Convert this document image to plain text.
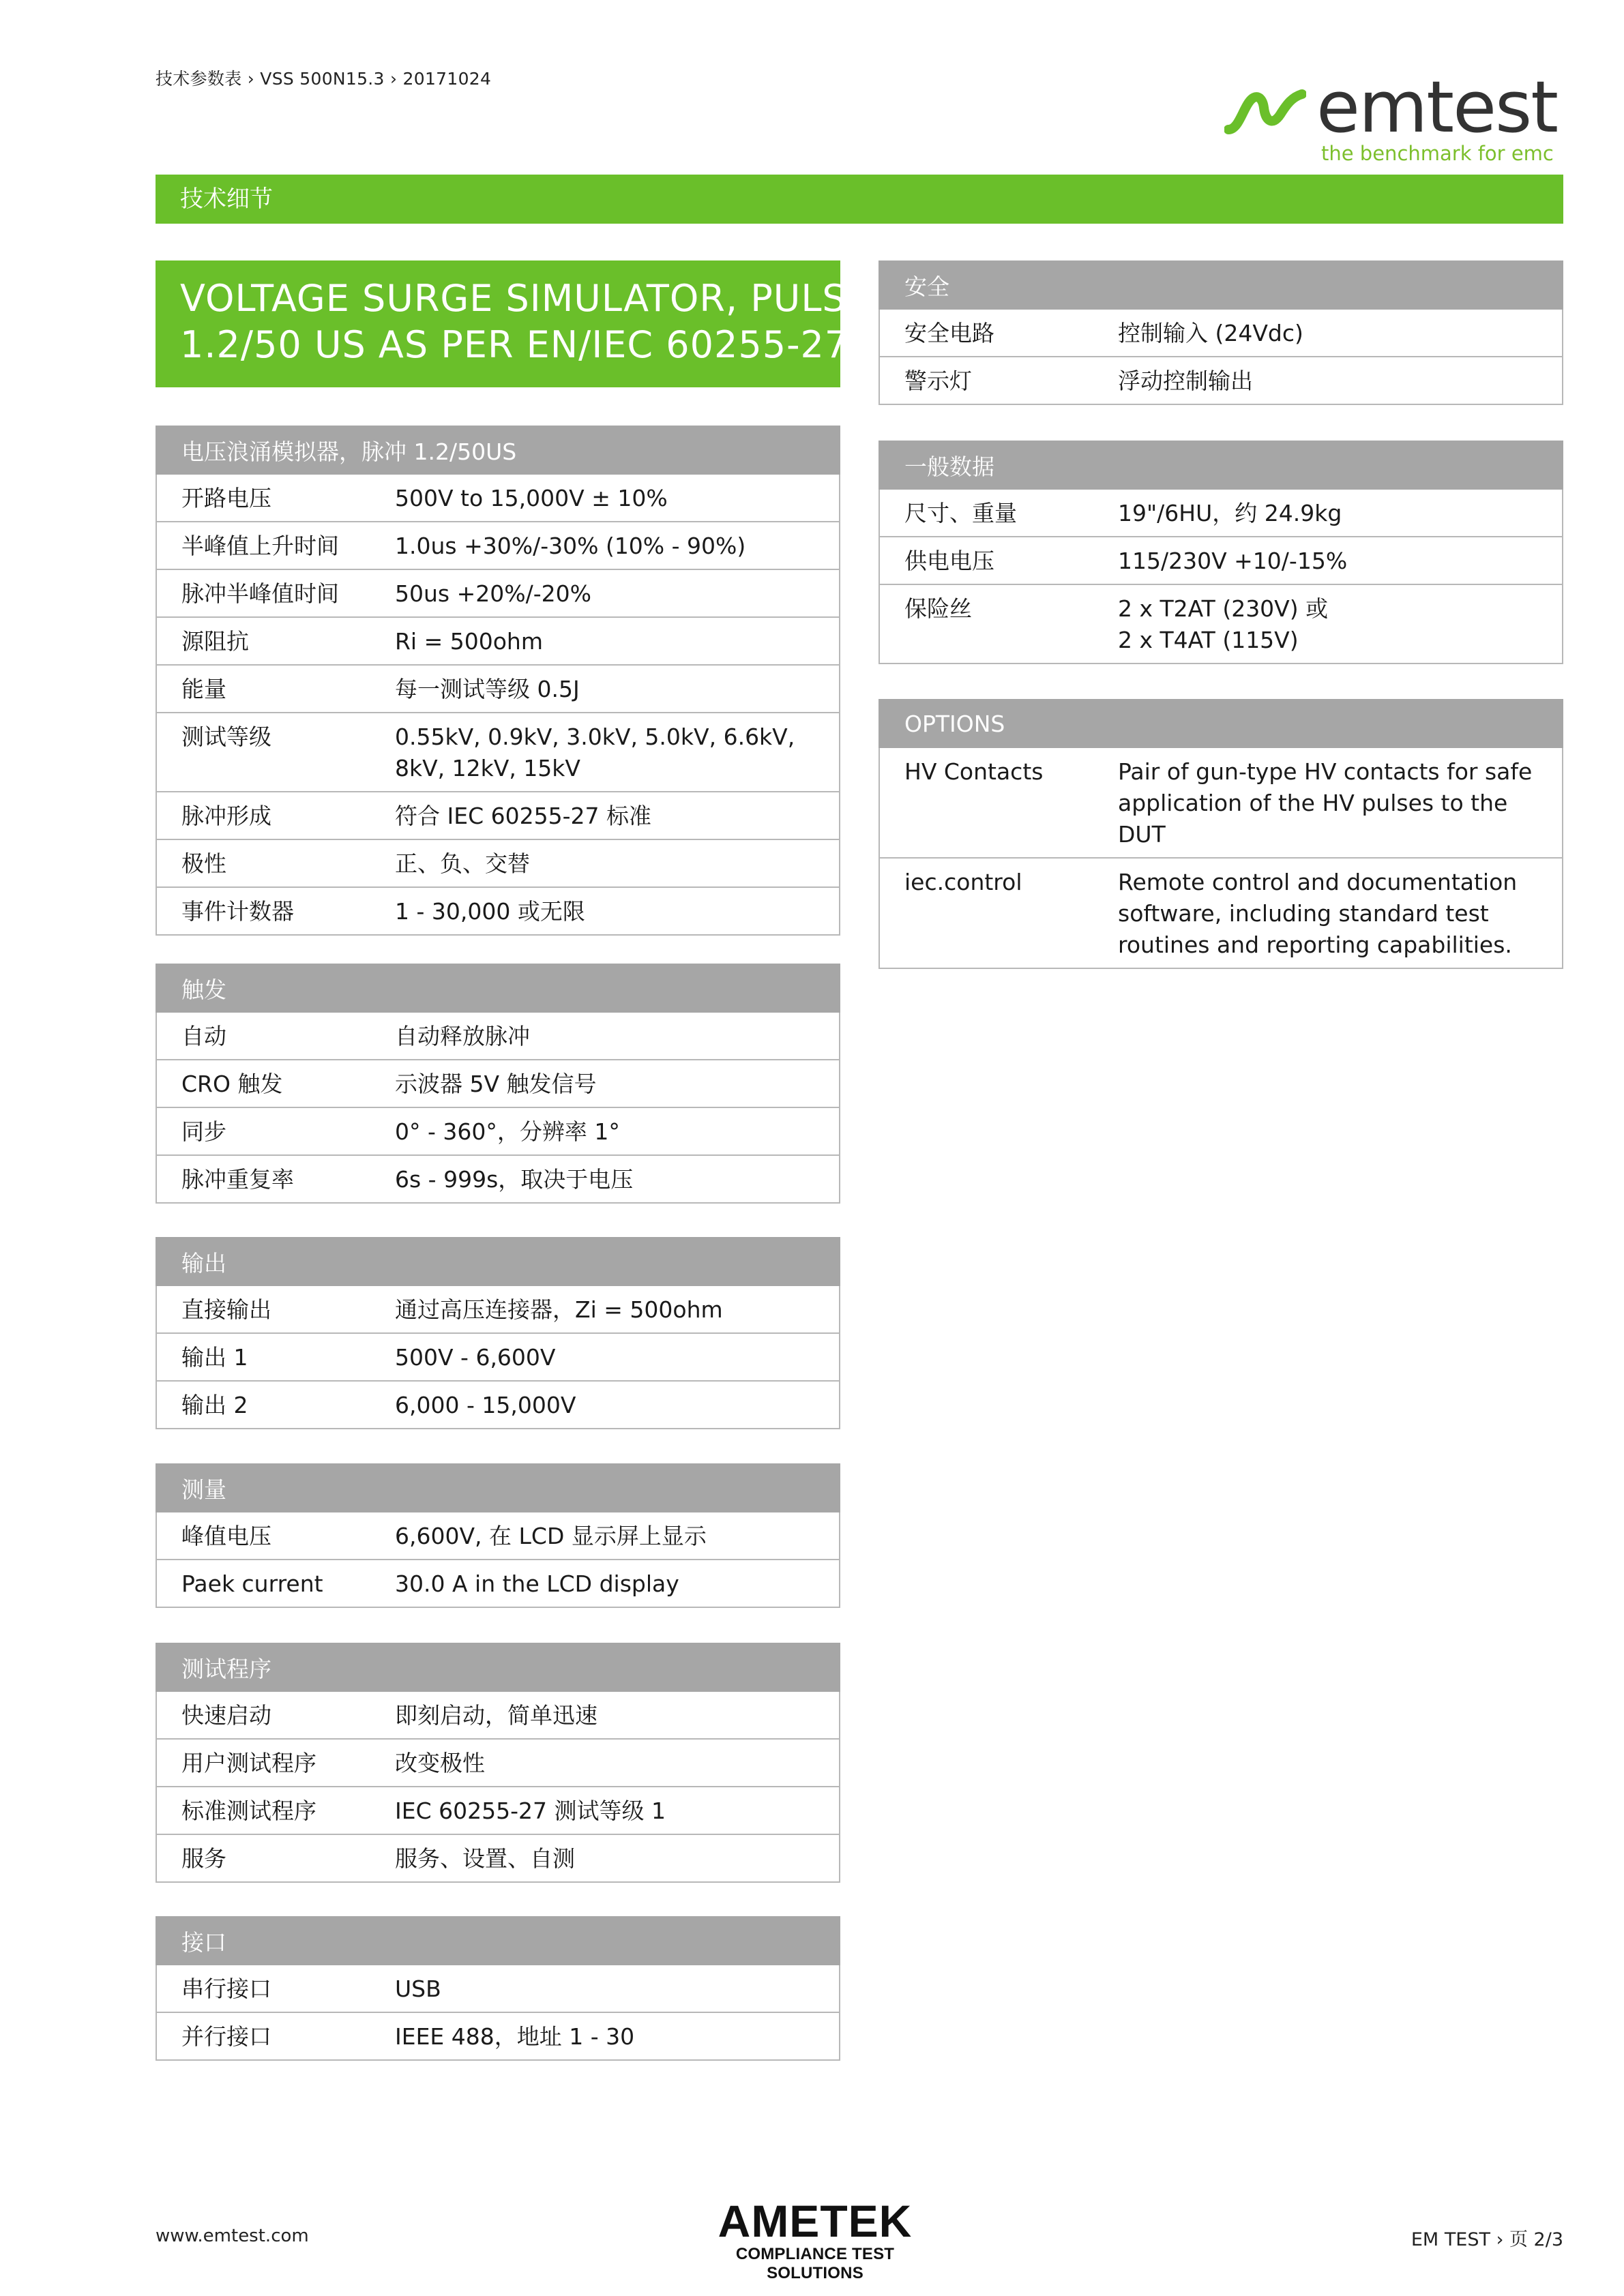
技术参数表 › VSS 500N15.3 › 20171024	emtest
the benchmark for emc
技术细节
VOLTAGE SURGE SIMULATOR, PULSE
1.2/50 US AS PER EN/IEC 60255-27
电压浪涌模拟器，脉冲 1.2/50US	
开路电压	500V to 15,000V ± 10%
半峰值上升时间	1.0us +30%/-30% (10% - 90%)
脉冲半峰值时间	50us +20%/-20%
源阻抗	Ri = 500ohm
能量	每一测试等级 0.5J
测试等级	0.55kV, 0.9kV, 3.0kV, 5.0kV, 6.6kV, 8kV, 12kV, 15kV
脉冲形成	符合 IEC 60255-27 标准
极性	正、负、交替
事件计数器	1 - 30,000 或无限
触发	
自动	自动释放脉冲
CRO 触发	示波器 5V 触发信号
同步	0° - 360°，分辨率 1°
脉冲重复率	6s - 999s，取决于电压
输出	
直接输出	通过高压连接器，Zi = 500ohm
输出 1	500V - 6,600V
输出 2	6,000 - 15,000V
测量	
峰值电压	6,600V, 在 LCD 显示屏上显示
Paek current	30.0 A in the LCD display
测试程序	
快速启动	即刻启动，简单迅速
用户测试程序	改变极性
标准测试程序	IEC 60255-27 测试等级 1
服务	服务、设置、自测
接口	
串行接口	USB
并行接口	IEEE 488，地址 1 - 30
安全	
安全电路	控制输入 (24Vdc)
警示灯	浮动控制输出
一般数据	
尺寸、重量	19"/6HU，约 24.9kg
供电电压	115/230V +10/-15%
保险丝	2 x T2AT (230V) 或
2 x T4AT (115V)
OPTIONS	
HV Contacts	Pair of gun-type HV contacts for safe application of the HV pulses to the DUT
iec.control	Remote control and documentation software, including standard test routines and reporting capabilities.
www.emtest.com	AMETEK
COMPLIANCE TEST SOLUTIONS
EM TEST › 页 2/3
